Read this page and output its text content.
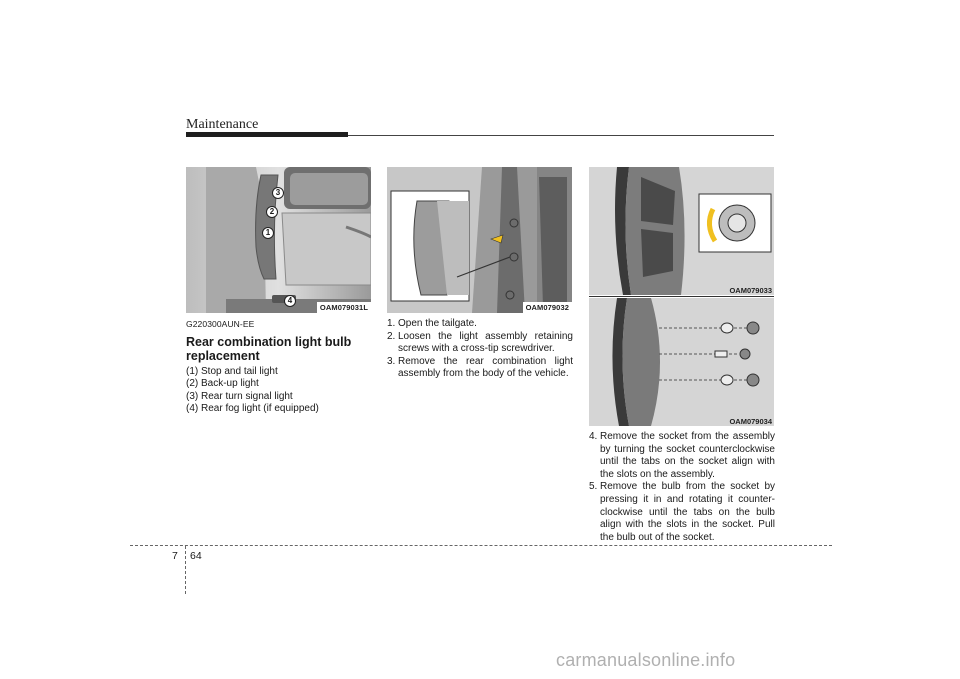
Maintenance
3
2
1
4
OAM079031L	OAM079032
OAM079033
OAM079034
G220300AUN-EE
Rear combination light bulb replacement
(1) Stop and tail light
(2) Back-up light
(3) Rear turn signal light
(4) Rear fog light (if equipped)
1. Open the tailgate.
2. Loosen the light assembly retaining screws with a cross-tip screwdriver.
3. Remove the rear combination light assembly from the body of the vehicle.
4. Remove the socket from the assembly by turning the socket counterclockwise until the tabs on the socket align with the slots on the assembly.
5. Remove the bulb from the socket by pressing it in and rotating it counter-clockwise until the tabs on the bulb align with the slots in the socket. Pull the bulb out of the socket.
7 64
carmanualsonline.info
